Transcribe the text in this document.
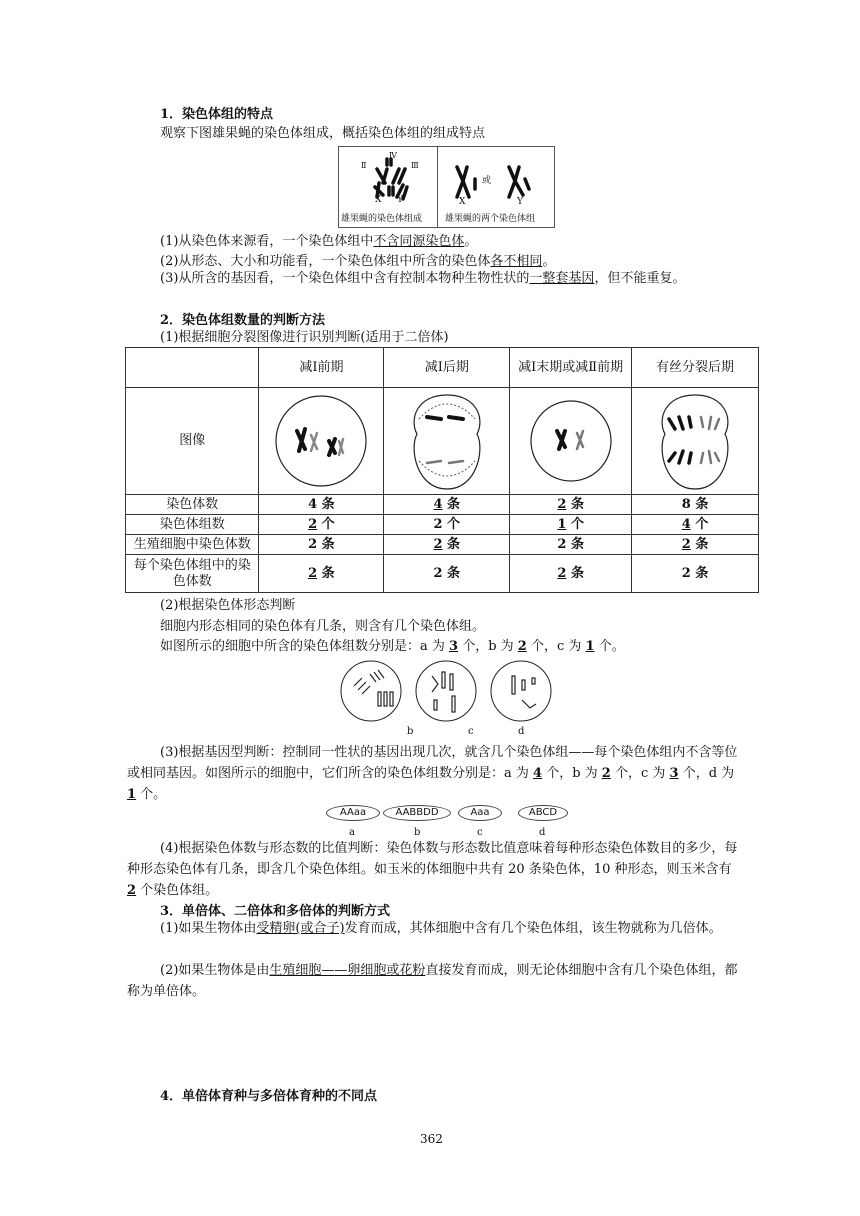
1．染色体组的特点

观察下图雄果蝇的染色体组成，概括染色体组的组成特点

Ⅱ
Ⅳ
Ⅲ
X Y
或
X	Y
雄果蝇的染色体组成	雄果蝇的两个染色体组

(1)从染色体来源看，一个染色体组中不含同源染色体。

(2)从形态、大小和功能看，一个染色体组中所含的染色体各不相同。

(3)从所含的基因看，一个染色体组中含有控制本物种生物性状的一整套基因，但不能重复。

2．染色体组数量的判断方法

(1)根据细胞分裂图像进行识别判断(适用于二倍体)

	减Ⅰ前期	减Ⅰ后期	减Ⅰ末期或减Ⅱ前期	有丝分裂后期
图像	

染色体数	4 条	4 条	2 条	8 条
染色体组数	2 个	2 个	1 个	4 个
生殖细胞中染色体数	2 条	2 条	2 条	2 条
每个染色体组中的染色体数	2 条	2 条	2 条	2 条

(2)根据染色体形态判断

细胞内形态相同的染色体有几条，则含有几个染色体组。

如图所示的细胞中所含的染色体组数分别是：a 为 3 个，b 为 2 个，c 为 1 个。

b	c	d
(3)根据基因型判断：控制同一性状的基因出现几次，就含几个染色体组——每个染色体组内不含等位或相同基因。如图所示的细胞中，它们所含的染色体组数分别是：a 为 4 个，b 为 2 个，c 为 3 个，d 为 1 个。
AAaa	AABBDD	Aaa	ABCD
a	b	c	d
(4)根据染色体数与形态数的比值判断：染色体数与形态数比值意味着每种形态染色体数目的多少，每种形态染色体有几条，即含几个染色体组。如玉米的体细胞中共有 20 条染色体，10 种形态，则玉米含有 2 个染色体组。

3．单倍体、二倍体和多倍体的判断方式

(1)如果生物体由受精卵(或合子)发育而成，其体细胞中含有几个染色体组，该生物就称为几倍体。
(2)如果生物体是由生殖细胞——卵细胞或花粉直接发育而成，则无论体细胞中含有几个染色体组，都称为单倍体。

4．单倍体育种与多倍体育种的不同点

362
